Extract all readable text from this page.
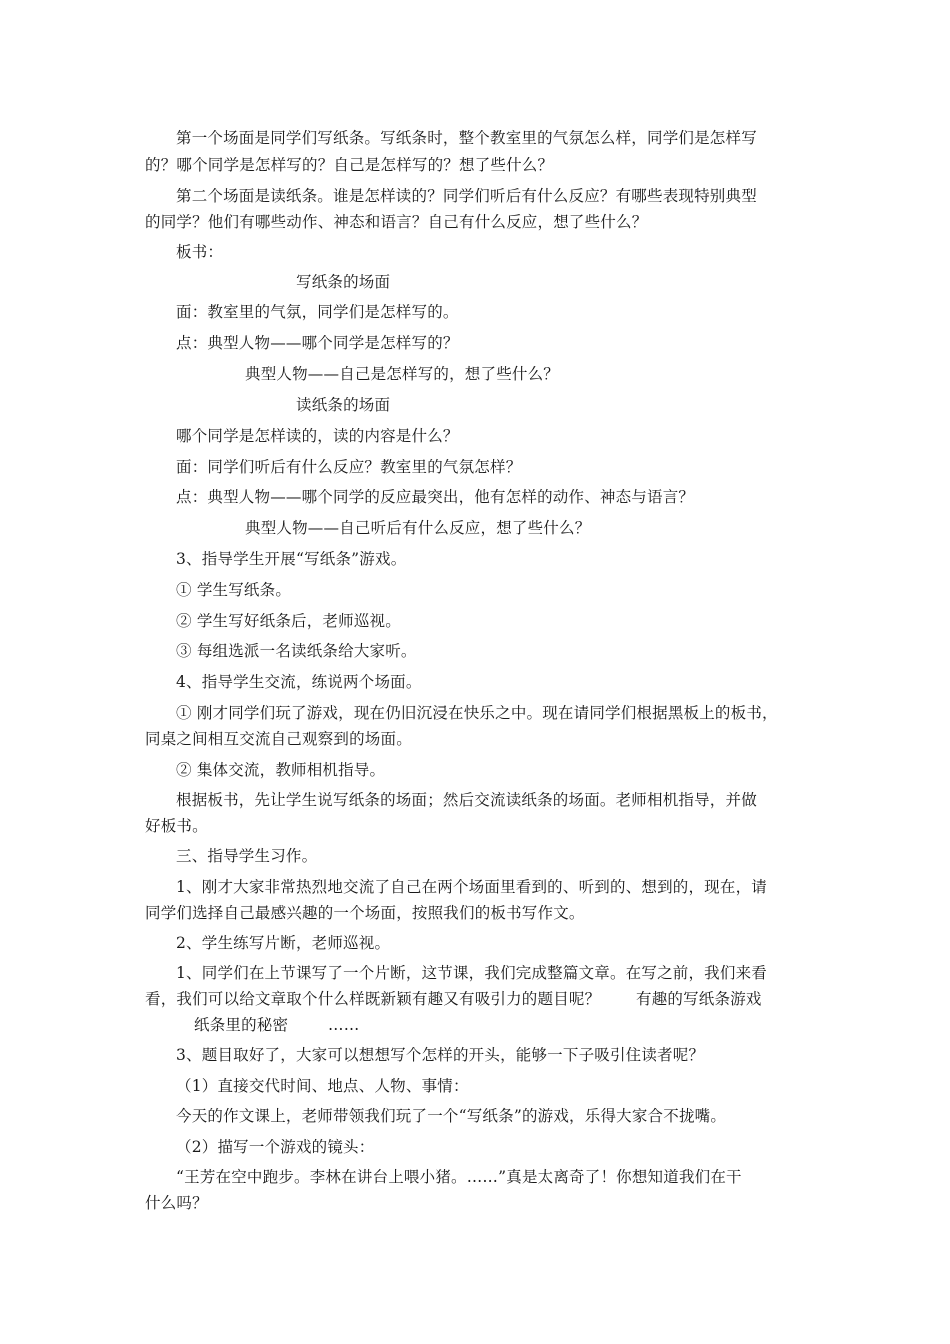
第一个场面是同学们写纸条。写纸条时，整个教室里的气氛怎么样，同学们是怎样写
的？哪个同学是怎样写的？自己是怎样写的？想了些什么？
第二个场面是读纸条。谁是怎样读的？同学们听后有什么反应？有哪些表现特别典型
的同学？他们有哪些动作、神态和语言？自己有什么反应，想了些什么？
板书：
写纸条的场面
面：教室里的气氛，同学们是怎样写的。
点：典型人物——哪个同学是怎样写的？
典型人物——自己是怎样写的，想了些什么？
读纸条的场面
哪个同学是怎样读的，读的内容是什么？
面：同学们听后有什么反应？教室里的气氛怎样？
点：典型人物——哪个同学的反应最突出，他有怎样的动作、神态与语言？
典型人物——自己听后有什么反应，想了些什么？
3、指导学生开展“写纸条”游戏。
① 学生写纸条。
② 学生写好纸条后，老师巡视。
③ 每组选派一名读纸条给大家听。
4、指导学生交流，练说两个场面。
① 刚才同学们玩了游戏，现在仍旧沉浸在快乐之中。现在请同学们根据黑板上的板书，
同桌之间相互交流自己观察到的场面。
② 集体交流，教师相机指导。
根据板书，先让学生说写纸条的场面；然后交流读纸条的场面。老师相机指导，并做
好板书。
三、指导学生习作。
1、刚才大家非常热烈地交流了自己在两个场面里看到的、听到的、想到的，现在，请
同学们选择自己最感兴趣的一个场面，按照我们的板书写作文。
2、学生练写片断，老师巡视。
1、同学们在上节课写了一个片断，这节课，我们完成整篇文章。在写之前，我们来看
看，我们可以给文章取个什么样既新颖有趣又有吸引力的题目呢？ 有趣的写纸条游戏
纸条里的秘密	……
3、题目取好了，大家可以想想写个怎样的开头，能够一下子吸引住读者呢？
（1）直接交代时间、地点、人物、事情：
今天的作文课上，老师带领我们玩了一个“写纸条”的游戏，乐得大家合不拢嘴。
（2）描写一个游戏的镜头：
“王芳在空中跑步。李林在讲台上喂小猪。……”真是太离奇了！你想知道我们在干
什么吗？
